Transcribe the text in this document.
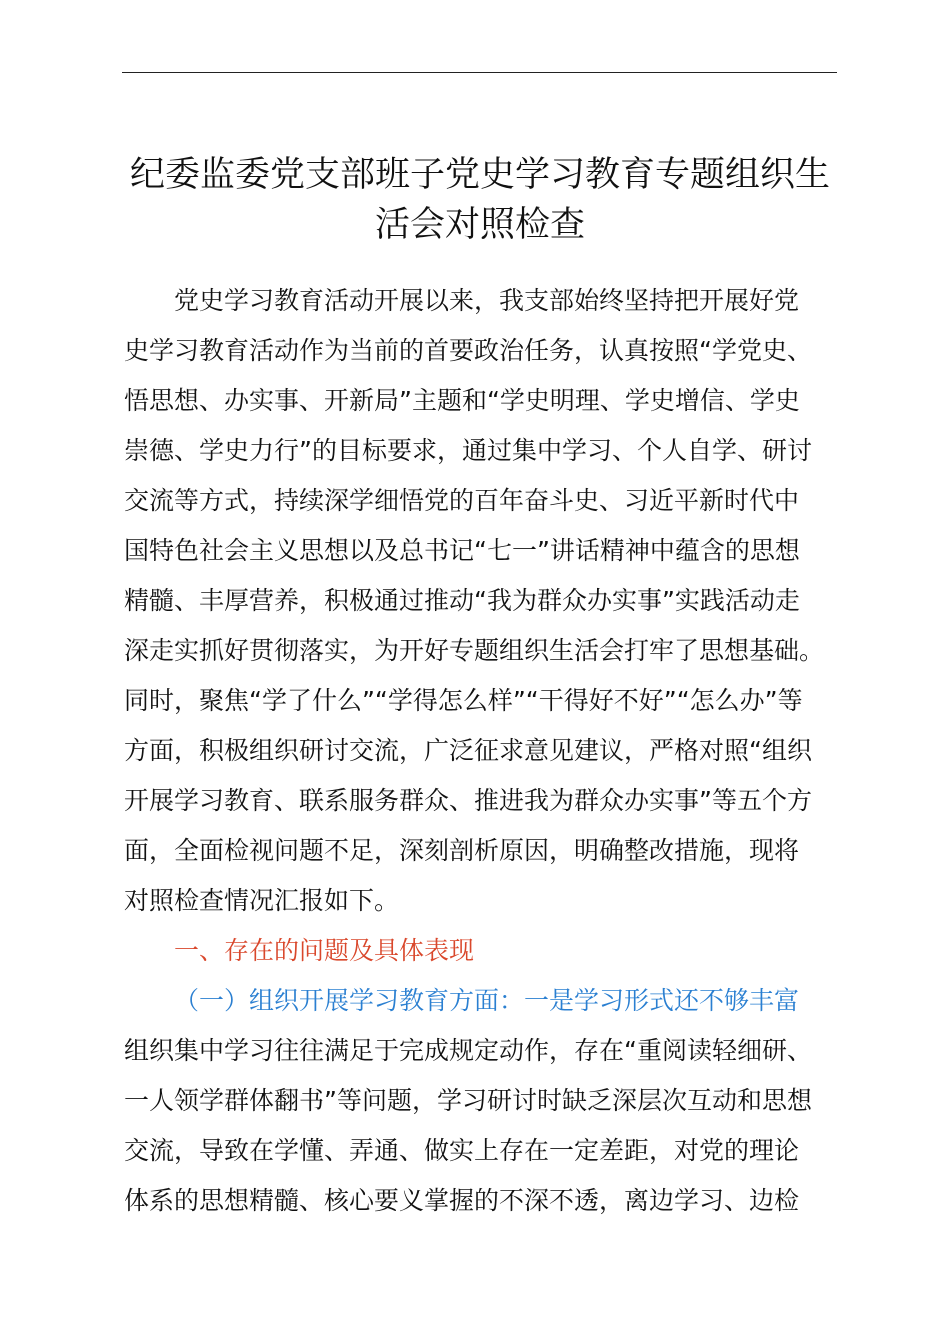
纪委监委党支部班子党史学习教育专题组织生
活会对照检查
党史学习教育活动开展以来，我支部始终坚持把开展好党
史学习教育活动作为当前的首要政治任务，认真按照“学党史、
悟思想、办实事、开新局”主题和“学史明理、学史增信、学史
崇德、学史力行”的目标要求，通过集中学习、个人自学、研讨
交流等方式，持续深学细悟党的百年奋斗史、习近平新时代中
国特色社会主义思想以及总书记“七一”讲话精神中蕴含的思想
精髓、丰厚营养，积极通过推动“我为群众办实事”实践活动走
深走实抓好贯彻落实，为开好专题组织生活会打牢了思想基础。
同时，聚焦“学了什么”“学得怎么样”“干得好不好”“怎么办”等
方面，积极组织研讨交流，广泛征求意见建议，严格对照“组织
开展学习教育、联系服务群众、推进我为群众办实事”等五个方
面，全面检视问题不足，深刻剖析原因，明确整改措施，现将
对照检查情况汇报如下。
一、存在的问题及具体表现
（一）组织开展学习教育方面：一是学习形式还不够丰富
组织集中学习往往满足于完成规定动作，存在“重阅读轻细研、
一人领学群体翻书”等问题，学习研讨时缺乏深层次互动和思想
交流，导致在学懂、弄通、做实上存在一定差距，对党的理论
体系的思想精髓、核心要义掌握的不深不透，离边学习、边检
